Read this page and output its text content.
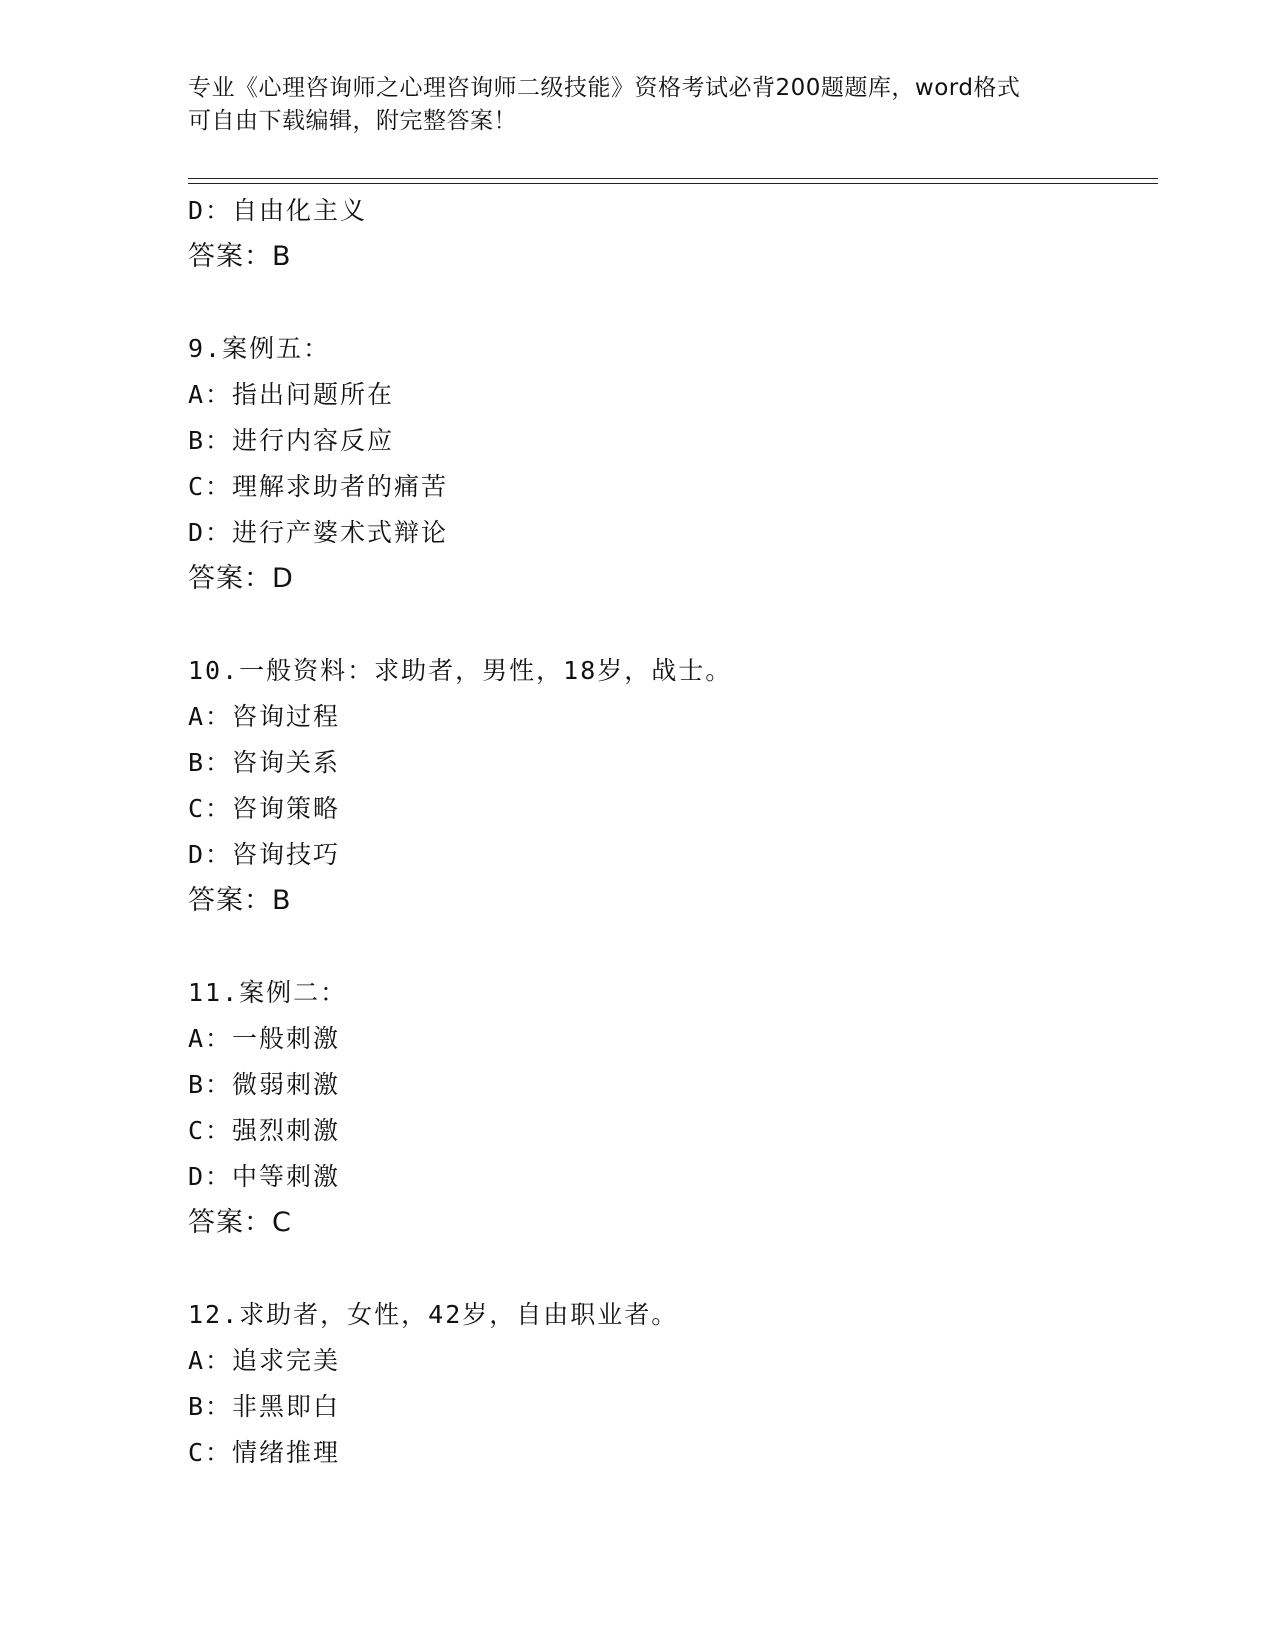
专业《心理咨询师之心理咨询师二级技能》资格考试必背200题题库，word格式
可自由下载编辑，附完整答案！
D：自由化主义
答案：B
9.案例五：
A：指出问题所在
B：进行内容反应
C：理解求助者的痛苦
D：进行产婆术式辩论
答案：D
10.一般资料：求助者，男性，18岁，战士。
A：咨询过程
B：咨询关系
C：咨询策略
D：咨询技巧
答案：B
11.案例二：
A：一般刺激
B：微弱刺激
C：强烈刺激
D：中等刺激
答案：C
12.求助者，女性，42岁，自由职业者。
A：追求完美
B：非黑即白
C：情绪推理
